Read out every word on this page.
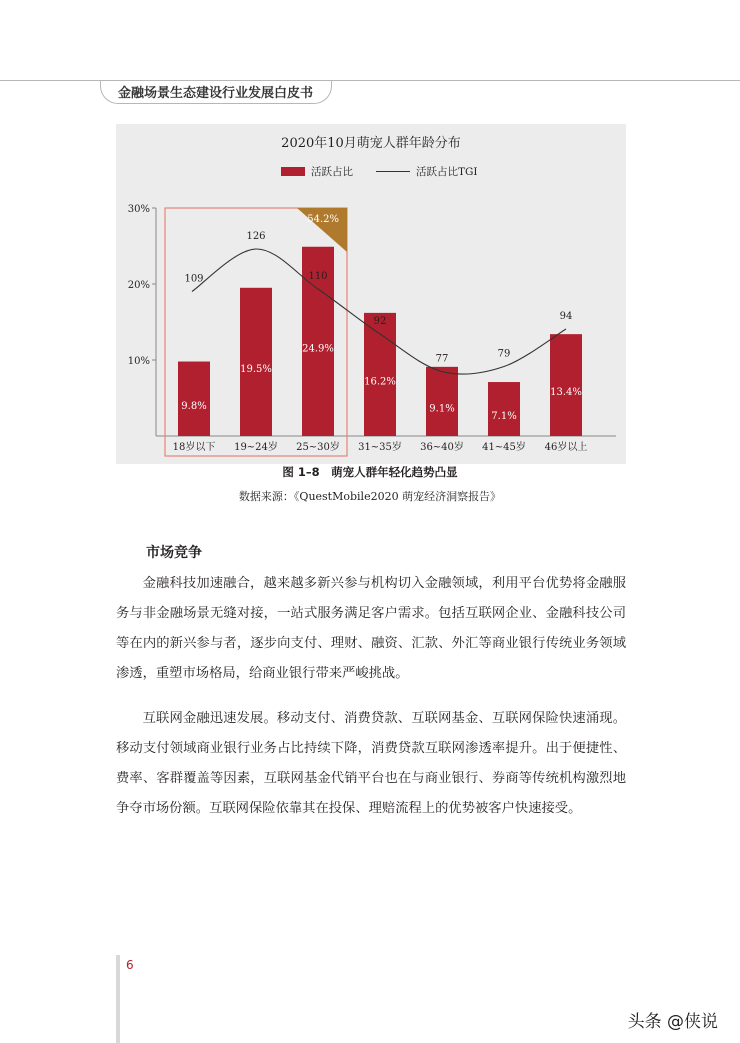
金融场景生态建设行业发展白皮书
2020年10月萌宠人群年龄分布
活跃占比	活跃占比TGI
10%
20%
30%
54.2%
9.8%
19.5%
24.9%
16.2%
9.1%
7.1%
13.4%
18岁以下 19~24岁 25~30岁 31~35岁 36~40岁 41~45岁 46岁以上
109
126
110
92
77	79
94
图 1–8　萌宠人群年轻化趋势凸显
数据来源：《QuestMobile2020 萌宠经济洞察报告》
市场竞争

金融科技加速融合，越来越多新兴参与机构切入金融领域，利用平台优势将金融服务与非金融场景无缝对接，一站式服务满足客户需求。包括互联网企业、金融科技公司等在内的新兴参与者，逐步向支付、理财、融资、汇款、外汇等商业银行传统业务领域渗透，重塑市场格局，给商业银行带来严峻挑战。

互联网金融迅速发展。移动支付、消费贷款、互联网基金、互联网保险快速涌现。移动支付领域商业银行业务占比持续下降，消费贷款互联网渗透率提升。出于便捷性、费率、客群覆盖等因素，互联网基金代销平台也在与商业银行、券商等传统机构激烈地争夺市场份额。互联网保险依靠其在投保、理赔流程上的优势被客户快速接受。

6
头条 @侠说
